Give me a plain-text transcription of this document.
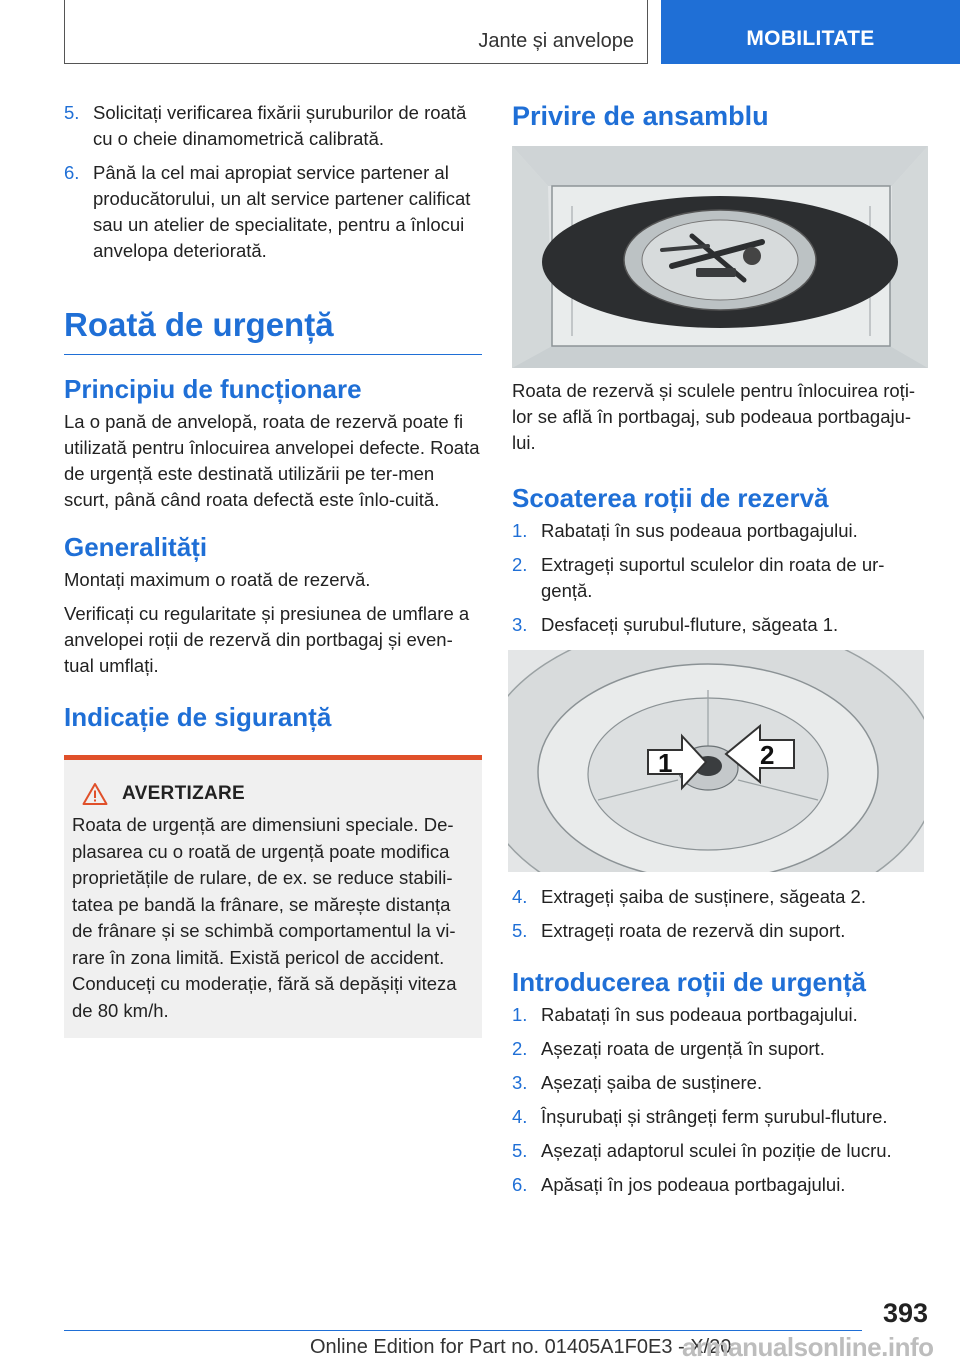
Jante și anvelope	MOBILITATE
5. Solicitați verificarea fixării șuruburilor de roată cu o cheie dinamometrică calibrată.
6. Până la cel mai apropiat service partener al producătorului, un alt service partener calificat sau un atelier de specialitate, pentru a înlocui anvelopa deteriorată.
Roată de urgență
Principiu de funcționare

La o pană de anvelopă, roata de rezervă poate fi utilizată pentru înlocuirea anvelopei defecte. Roata de urgență este destinată utilizării pe ter-men scurt, până când roata defectă este înlo-cuită.

Generalități

Montați maximum o roată de rezervă.

Verificați cu regularitate și presiunea de umflare a anvelopei roții de rezervă din portbagaj și even-tual umflați.

Indicație de siguranță
AVERTIZARE

Roata de urgență are dimensiuni speciale. De-plasarea cu o roată de urgență poate modifica proprietățile de rulare, de ex. se reduce stabili-tatea pe bandă la frânare, se mărește distanța de frânare și se schimbă comportamentul la vi-rare în zona limită. Există pericol de accident. Conduceți cu moderație, fără să depășiți viteza de 80 km/h.

Privire de ansamblu

Roata de rezervă și sculele pentru înlocuirea roți-lor se află în portbagaj, sub podeaua portbagaju-lui.

Scoaterea roții de rezervă
1. Rabatați în sus podeaua portbagajului.
2. Extrageți suportul sculelor din roata de ur-gență.
3. Desfaceți șurubul-fluture, săgeata 1.
1	2
4. Extrageți șaiba de susținere, săgeata 2.
5. Extrageți roata de rezervă din suport.
Introducerea roții de urgență
1. Rabatați în sus podeaua portbagajului.
2. Așezați roata de urgență în suport.
3. Așezați șaiba de susținere.
4. Înșurubați și strângeți ferm șurubul-fluture.
5. Așezați adaptorul sculei în poziție de lucru.
6. Apăsați în jos podeaua portbagajului.
393
Online Edition for Part no. 01405A1F0E3 - X/20
armanualsonline.info
